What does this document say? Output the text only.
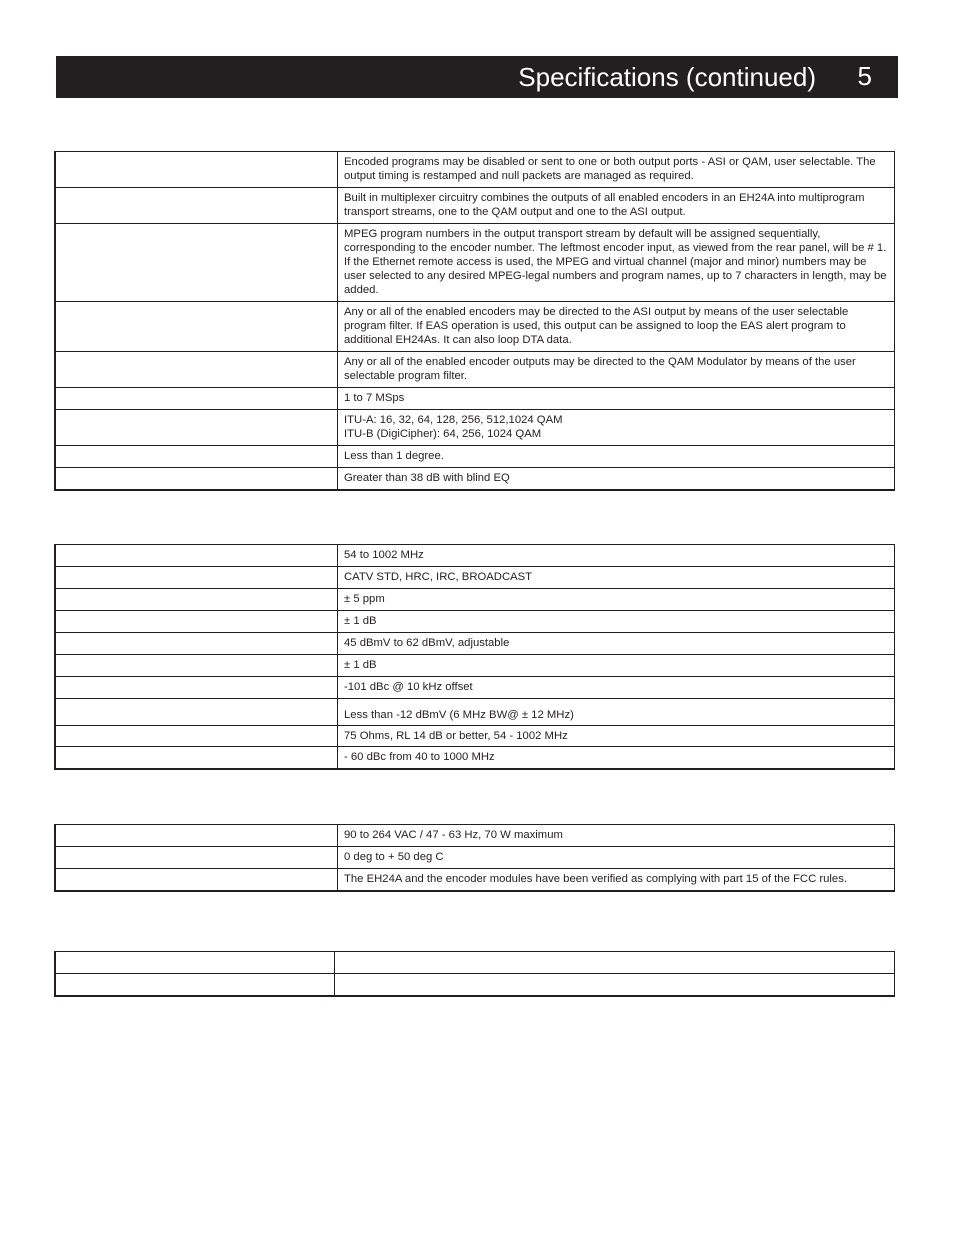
Specifications (continued) 5
	Encoded programs may be disabled or sent to one or both output ports - ASI or QAM, user selectable. The output timing is restamped and null packets are managed as required.
	Built in multiplexer circuitry combines the outputs of all enabled encoders in an EH24A into multiprogram transport streams, one to the QAM output and one to the ASI output.
	MPEG program numbers in the output transport stream by default will be assigned sequentially, corresponding to the encoder number. The leftmost encoder input, as viewed from the rear panel, will be # 1. If the Ethernet remote access is used, the MPEG and virtual channel (major and minor) numbers may be user selected to any desired MPEG-legal numbers and program names, up to 7 characters in length, may be added.
	Any or all of the enabled encoders may be directed to the ASI output by means of the user selectable program filter. If EAS operation is used, this output can be assigned to loop the EAS alert program to additional EH24As. It can also loop DTA data.
	Any or all of the enabled encoder outputs may be directed to the QAM Modulator by means of the user selectable program filter.
	1 to 7 MSps
	ITU-A: 16, 32, 64, 128, 256, 512,1024 QAM
ITU-B (DigiCipher): 64, 256, 1024 QAM
	Less than 1 degree.
	Greater than 38 dB with blind EQ
	54 to 1002 MHz
	CATV STD, HRC, IRC, BROADCAST
	± 5 ppm
	± 1 dB
	45 dBmV to 62 dBmV, adjustable
	± 1 dB
	-101 dBc @ 10 kHz offset
	Less than -12 dBmV (6 MHz BW@ ± 12 MHz)
	75 Ohms, RL 14 dB or better, 54 - 1002 MHz
	- 60 dBc from 40 to 1000 MHz
	90 to 264 VAC / 47 - 63 Hz, 70 W maximum
	0 deg to + 50 deg C
	The EH24A and the encoder modules have been verified as complying with part 15 of the FCC rules.
